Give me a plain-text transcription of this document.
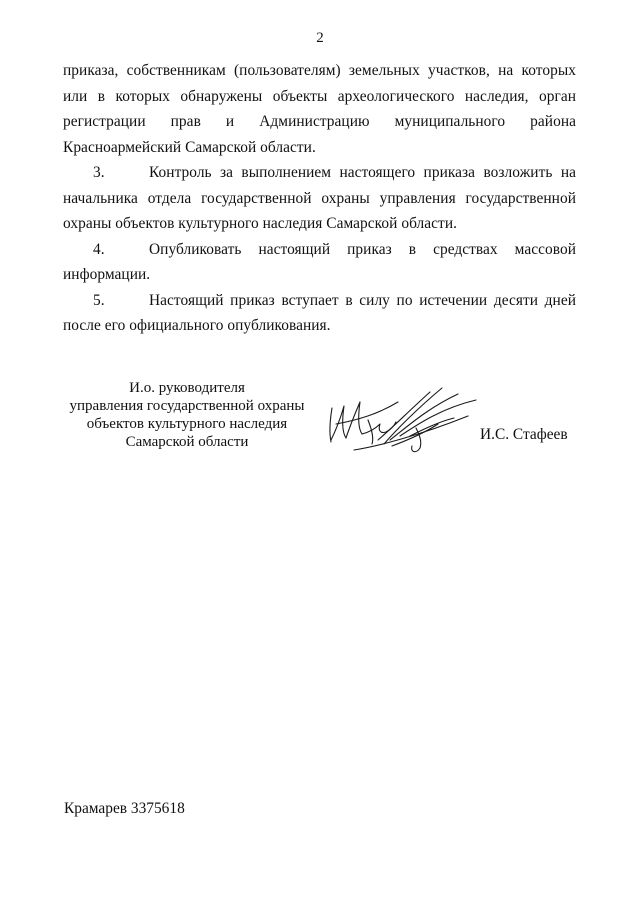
2

приказа, собственникам (пользователям) земельных участков, на которых или в которых обнаружены объекты археологического наследия, орган регистрации прав и Администрацию муниципального района Красноармейский Самарской области.

3.	Контроль за выполнением настоящего приказа возложить на начальника отдела государственной охраны управления государственной охраны объектов культурного наследия Самарской области.

4.	Опубликовать настоящий приказ в средствах массовой информации.

5.	Настоящий приказ вступает в силу по истечении десяти дней после его официального опубликования.

И.о. руководителя
управления государственной охраны
объектов культурного наследия
Самарской области	И.С. Стафеев
Крамарев 3375618
